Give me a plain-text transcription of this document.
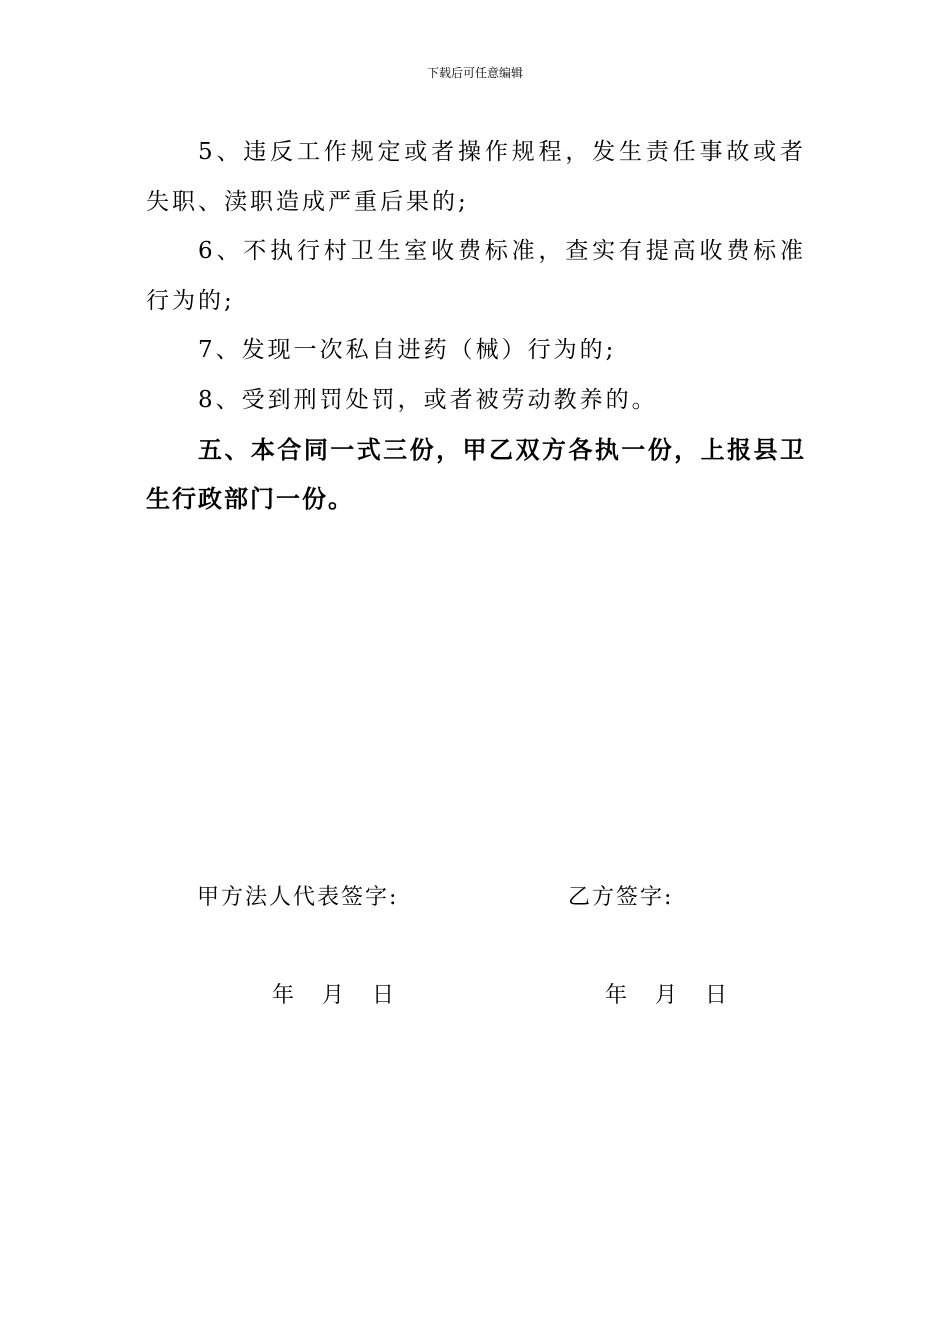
下载后可任意编辑

5、违反工作规定或者操作规程，发生责任事故或者失职、渎职造成严重后果的;

6、不执行村卫生室收费标准，查实有提高收费标准行为的;

7、发现一次私自进药（械）行为的;

8、受到刑罚处罚，或者被劳动教养的。

五、本合同一式三份，甲乙双方各执一份，上报县卫生行政部门一份。

甲方法人代表签字:	乙方签字:
年    月    日	年    月    日
